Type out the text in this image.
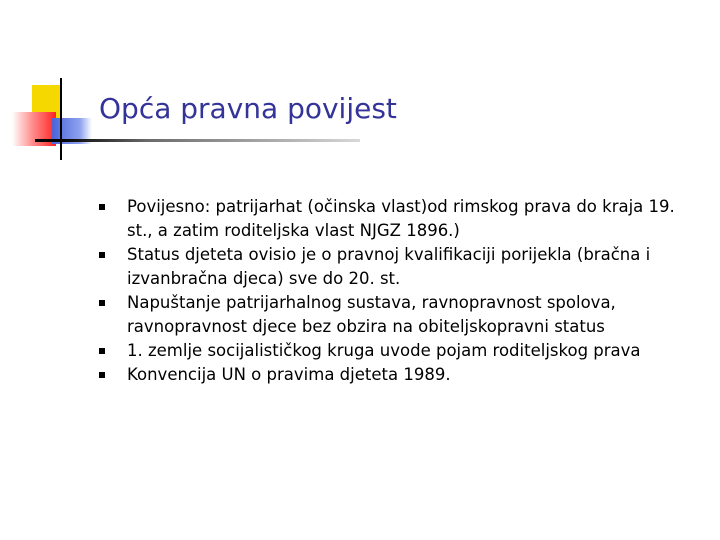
Opća pravna povijest
Povijesno: patrijarhat (očinska vlast)od rimskog prava do kraja 19. st., a zatim roditeljska vlast NJGZ 1896.)
Status djeteta ovisio je o pravnoj kvalifikaciji porijekla (bračna i izvanbračna djeca) sve do 20. st.
Napuštanje patrijarhalnog sustava, ravnopravnost spolova, ravnopravnost djece bez obzira na obiteljskopravni status
1. zemlje socijalističkog kruga uvode pojam roditeljskog prava
Konvencija UN o pravima djeteta 1989.
